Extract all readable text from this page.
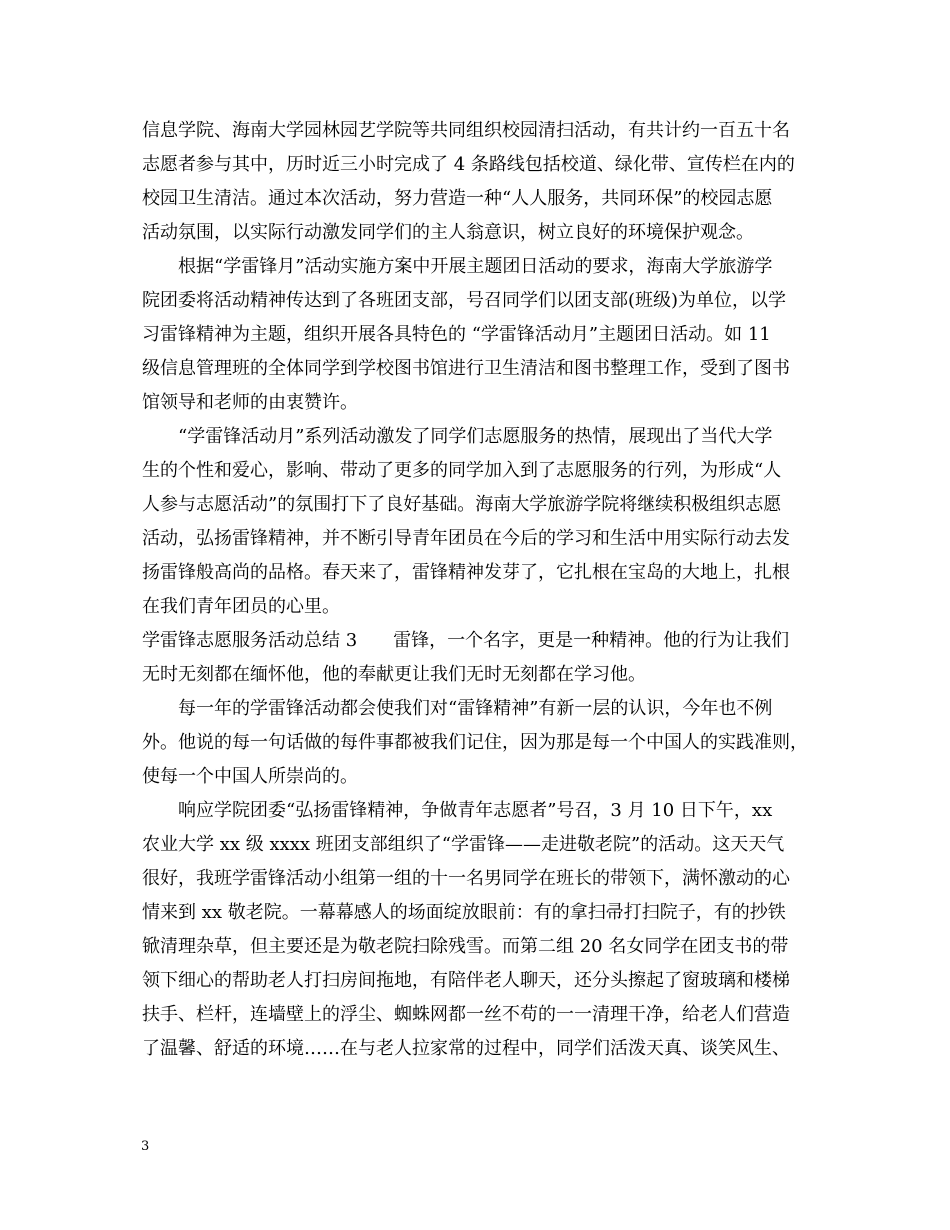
信息学院、海南大学园林园艺学院等共同组织校园清扫活动，有共计约一百五十名
志愿者参与其中，历时近三小时完成了 4 条路线包括校道、绿化带、宣传栏在内的
校园卫生清洁。通过本次活动，努力营造一种“人人服务，共同环保”的校园志愿
活动氛围，以实际行动激发同学们的主人翁意识，树立良好的环境保护观念。
根据“学雷锋月”活动实施方案中开展主题团日活动的要求，海南大学旅游学
院团委将活动精神传达到了各班团支部，号召同学们以团支部(班级)为单位，以学
习雷锋精神为主题，组织开展各具特色的 “学雷锋活动月”主题团日活动。如 11
级信息管理班的全体同学到学校图书馆进行卫生清洁和图书整理工作，受到了图书
馆领导和老师的由衷赞许。
“学雷锋活动月”系列活动激发了同学们志愿服务的热情，展现出了当代大学
生的个性和爱心，影响、带动了更多的同学加入到了志愿服务的行列，为形成“人
人参与志愿活动”的氛围打下了良好基础。海南大学旅游学院将继续积极组织志愿
活动，弘扬雷锋精神，并不断引导青年团员在今后的学习和生活中用实际行动去发
扬雷锋般高尚的品格。春天来了，雷锋精神发芽了，它扎根在宝岛的大地上，扎根
在我们青年团员的心里。
学雷锋志愿服务活动总结 3　　雷锋，一个名字，更是一种精神。他的行为让我们
无时无刻都在缅怀他，他的奉献更让我们无时无刻都在学习他。
每一年的学雷锋活动都会使我们对“雷锋精神”有新一层的认识，今年也不例
外。他说的每一句话做的每件事都被我们记住，因为那是每一个中国人的实践准则，
使每一个中国人所崇尚的。
响应学院团委“弘扬雷锋精神，争做青年志愿者”号召，3 月 10 日下午，xx
农业大学 xx 级 xxxx 班团支部组织了“学雷锋——走进敬老院”的活动。这天天气
很好，我班学雷锋活动小组第一组的十一名男同学在班长的带领下，满怀激动的心
情来到 xx 敬老院。一幕幕感人的场面绽放眼前：有的拿扫帚打扫院子，有的抄铁
锨清理杂草，但主要还是为敬老院扫除残雪。而第二组 20 名女同学在团支书的带
领下细心的帮助老人打扫房间拖地，有陪伴老人聊天，还分头擦起了窗玻璃和楼梯
扶手、栏杆，连墙壁上的浮尘、蜘蛛网都一丝不苟的一一清理干净，给老人们营造
了温馨、舒适的环境……在与老人拉家常的过程中，同学们活泼天真、谈笑风生、
3
